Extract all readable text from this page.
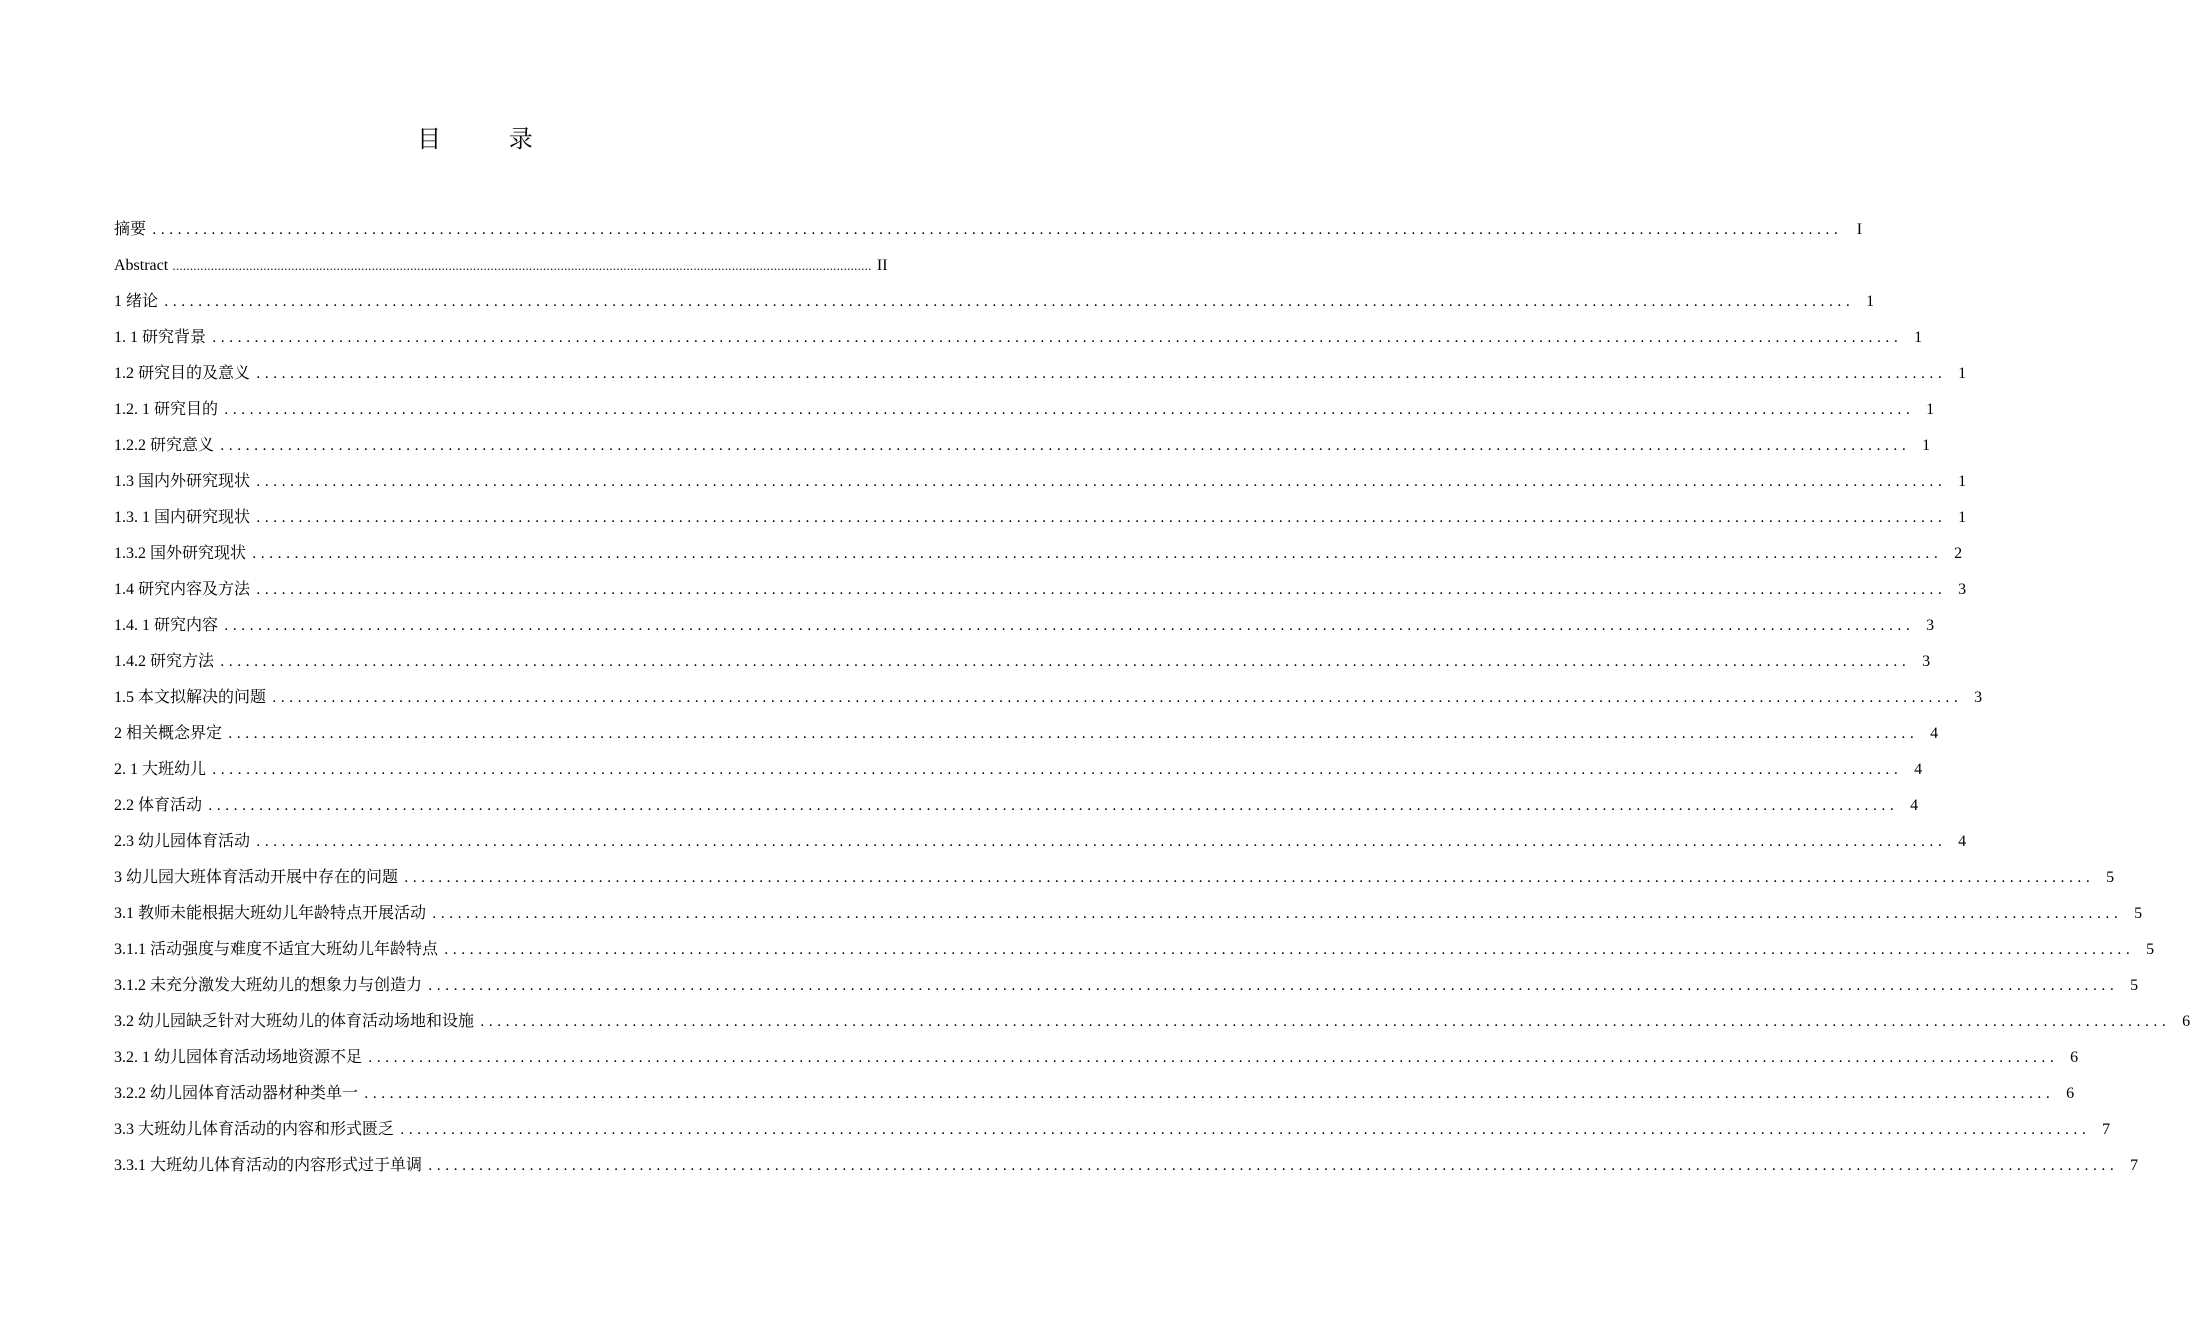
目 录
摘要 ........................................................................................................................................................................................................ I
Abstract ........................................................................................................................................................................................................ II
1 绪论 ........................................................................................................................................................................................................ 1
1. 1 研究背景 ........................................................................................................................................................................................................ 1
1.2 研究目的及意义 ........................................................................................................................................................................................................ 1
1.2. 1 研究目的 ........................................................................................................................................................................................................ 1
1.2.2 研究意义 ........................................................................................................................................................................................................ 1
1.3 国内外研究现状 ........................................................................................................................................................................................................ 1
1.3. 1 国内研究现状 ........................................................................................................................................................................................................ 1
1.3.2 国外研究现状 ........................................................................................................................................................................................................ 2
1.4 研究内容及方法 ........................................................................................................................................................................................................ 3
1.4. 1 研究内容 ........................................................................................................................................................................................................ 3
1.4.2 研究方法 ........................................................................................................................................................................................................ 3
1.5 本文拟解决的问题 ........................................................................................................................................................................................................ 3
2 相关概念界定 ........................................................................................................................................................................................................ 4
2. 1 大班幼儿 ........................................................................................................................................................................................................ 4
2.2 体育活动 ........................................................................................................................................................................................................ 4
2.3 幼儿园体育活动 ........................................................................................................................................................................................................ 4
3 幼儿园大班体育活动开展中存在的问题 ........................................................................................................................................................................................................ 5
3.1 教师未能根据大班幼儿年龄特点开展活动 ........................................................................................................................................................................................................ 5
3.1.1 活动强度与难度不适宜大班幼儿年龄特点 ........................................................................................................................................................................................................ 5
3.1.2 未充分激发大班幼儿的想象力与创造力 ........................................................................................................................................................................................................ 5
3.2 幼儿园缺乏针对大班幼儿的体育活动场地和设施 ........................................................................................................................................................................................................ 6
3.2. 1 幼儿园体育活动场地资源不足 ........................................................................................................................................................................................................ 6
3.2.2 幼儿园体育活动器材种类单一 ........................................................................................................................................................................................................ 6
3.3 大班幼儿体育活动的内容和形式匮乏 ........................................................................................................................................................................................................ 7
3.3.1 大班幼儿体育活动的内容形式过于单调 ........................................................................................................................................................................................................ 7
